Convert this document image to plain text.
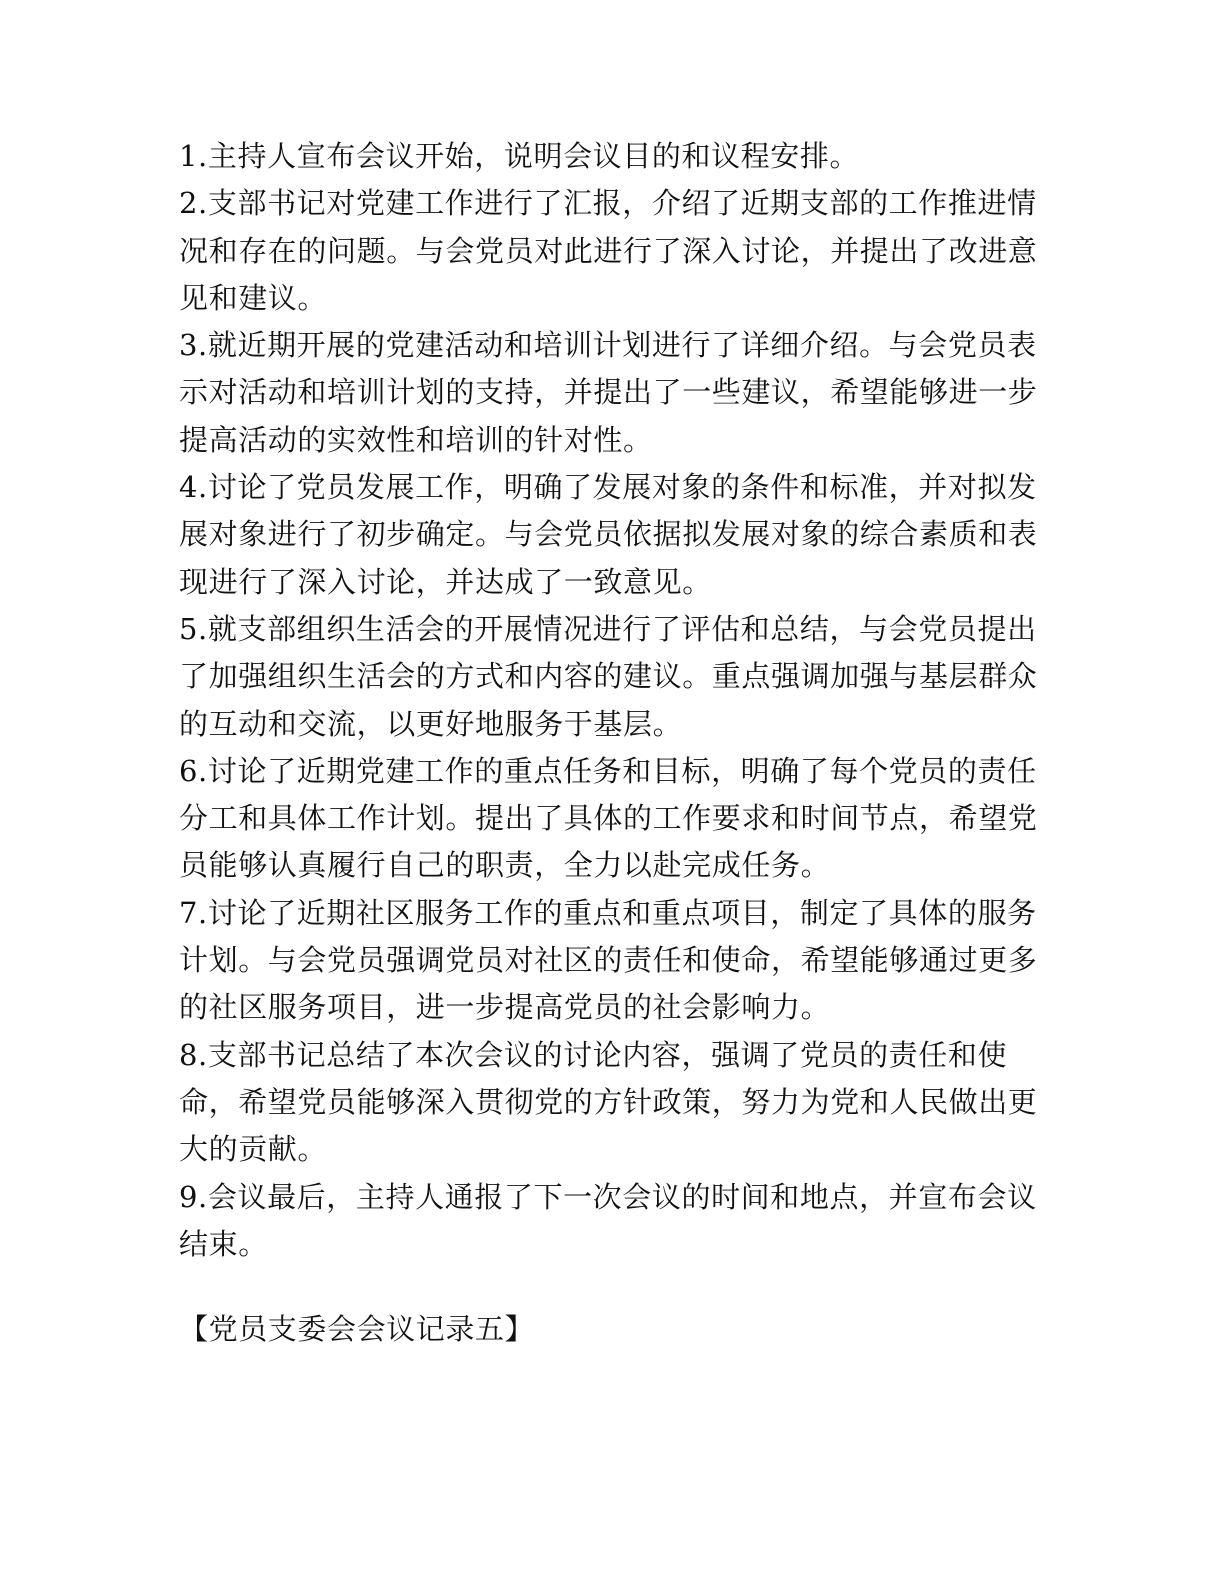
1.主持人宣布会议开始，说明会议目的和议程安排。

2.支部书记对党建工作进行了汇报，介绍了近期支部的工作推进情况和存在的问题。与会党员对此进行了深入讨论，并提出了改进意见和建议。

3.就近期开展的党建活动和培训计划进行了详细介绍。与会党员表示对活动和培训计划的支持，并提出了一些建议，希望能够进一步提高活动的实效性和培训的针对性。

4.讨论了党员发展工作，明确了发展对象的条件和标准，并对拟发展对象进行了初步确定。与会党员依据拟发展对象的综合素质和表现进行了深入讨论，并达成了一致意见。

5.就支部组织生活会的开展情况进行了评估和总结，与会党员提出了加强组织生活会的方式和内容的建议。重点强调加强与基层群众的互动和交流，以更好地服务于基层。

6.讨论了近期党建工作的重点任务和目标，明确了每个党员的责任分工和具体工作计划。提出了具体的工作要求和时间节点，希望党员能够认真履行自己的职责，全力以赴完成任务。

7.讨论了近期社区服务工作的重点和重点项目，制定了具体的服务计划。与会党员强调党员对社区的责任和使命，希望能够通过更多的社区服务项目，进一步提高党员的社会影响力。

8.支部书记总结了本次会议的讨论内容，强调了党员的责任和使命，希望党员能够深入贯彻党的方针政策，努力为党和人民做出更大的贡献。

9.会议最后，主持人通报了下一次会议的时间和地点，并宣布会议结束。

【党员支委会会议记录五】
